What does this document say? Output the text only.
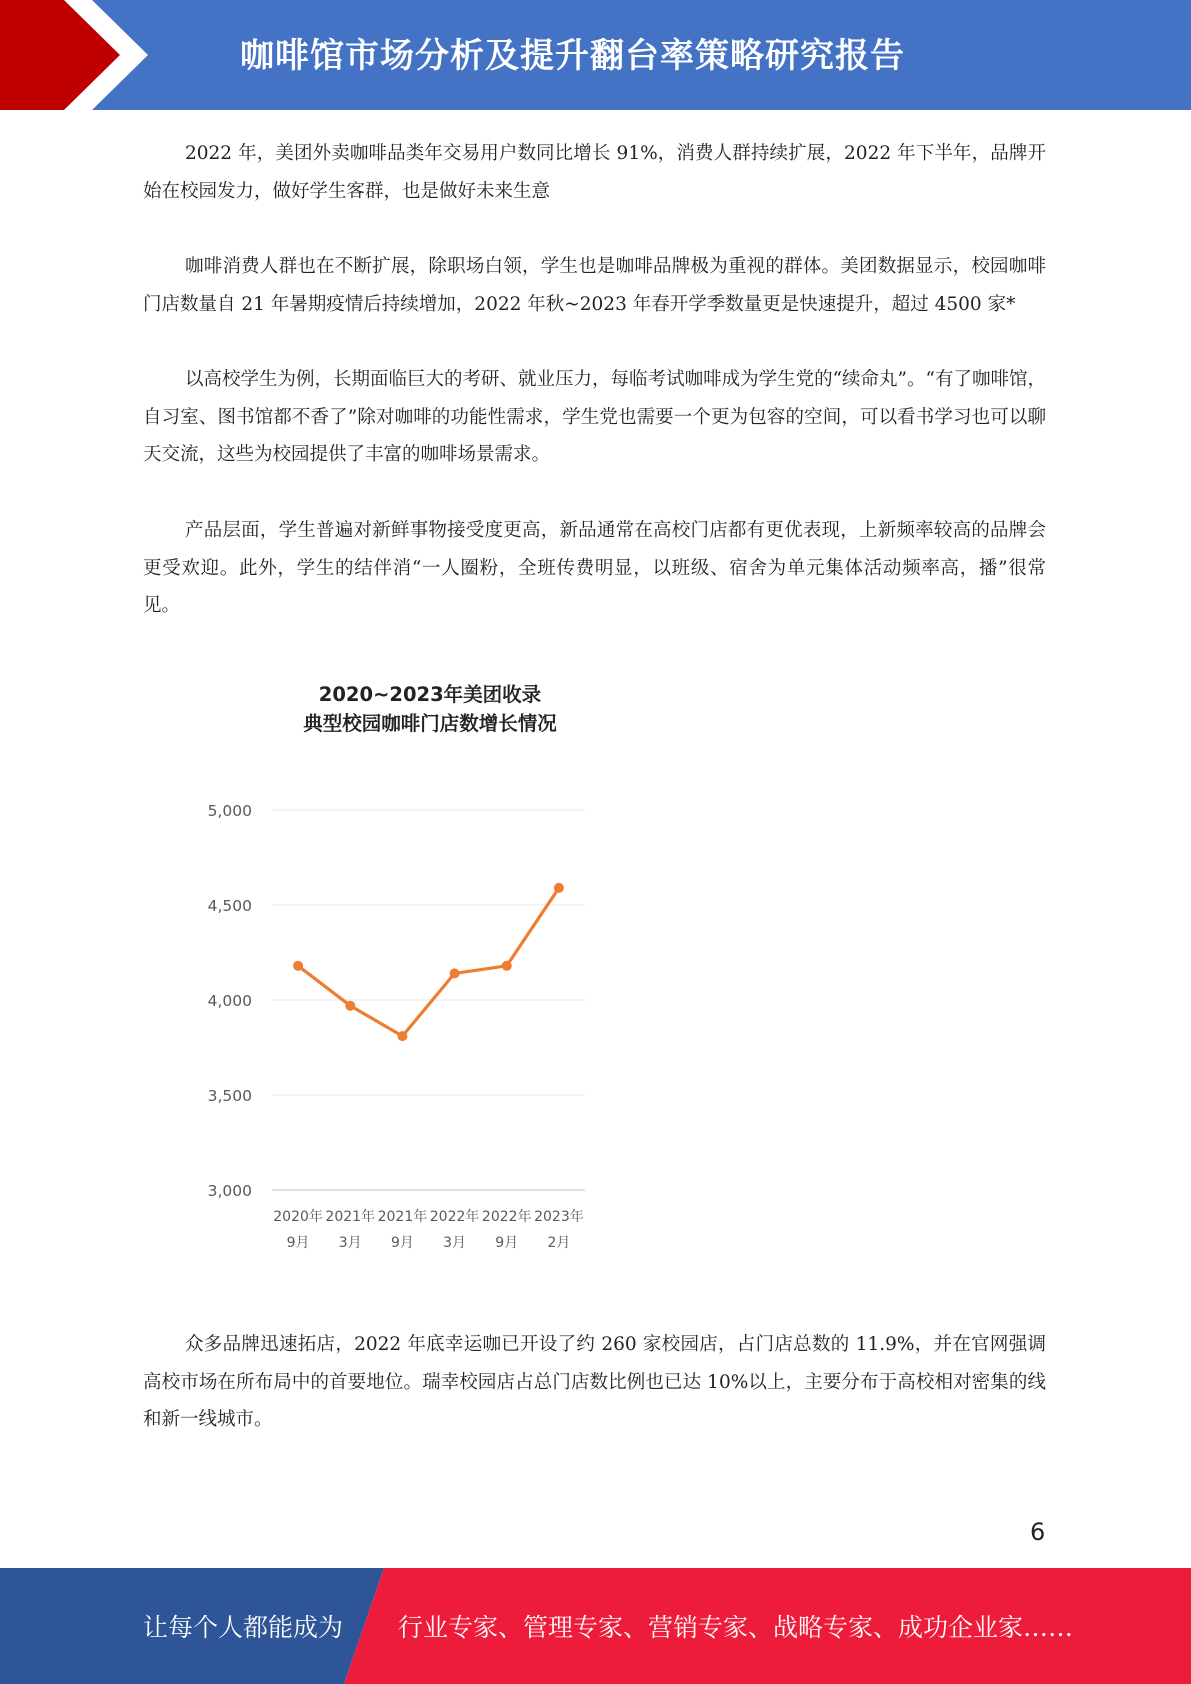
咖啡馆市场分析及提升翻台率策略研究报告

2022 年，美团外卖咖啡品类年交易用户数同比增长 91%，消费人群持续扩展，2022 年下半年，品牌开始在校园发力，做好学生客群，也是做好未来生意

咖啡消费人群也在不断扩展，除职场白领，学生也是咖啡品牌极为重视的群体。美团数据显示，校园咖啡门店数量自 21 年暑期疫情后持续增加，2022 年秋~2023 年春开学季数量更是快速提升，超过 4500 家*

以高校学生为例，长期面临巨大的考研、就业压力，每临考试咖啡成为学生党的“续命丸”。“有了咖啡馆，自习室、图书馆都不香了”除对咖啡的功能性需求，学生党也需要一个更为包容的空间，可以看书学习也可以聊天交流，这些为校园提供了丰富的咖啡场景需求。

产品层面，学生普遍对新鲜事物接受度更高，新品通常在高校门店都有更优表现，上新频率较高的品牌会更受欢迎。此外，学生的结伴消“一人圈粉，全班传费明显，以班级、宿舍为单元集体活动频率高，播”很常见。

2020~2023年美团收录
典型校园咖啡门店数增长情况
5,000
4,500
4,000
3,500
3,000
2020年
9月
2021年
3月
2021年
9月
2022年
3月
2022年
9月
2023年
2月

众多品牌迅速拓店，2022 年底幸运咖已开设了约 260 家校园店，占门店总数的 11.9%，并在官网强调高校市场在所布局中的首要地位。瑞幸校园店占总门店数比例也已达 10%以上，主要分布于高校相对密集的线和新一线城市。

6
让每个人都能成为 行业专家、管理专家、营销专家、战略专家、成功企业家……
